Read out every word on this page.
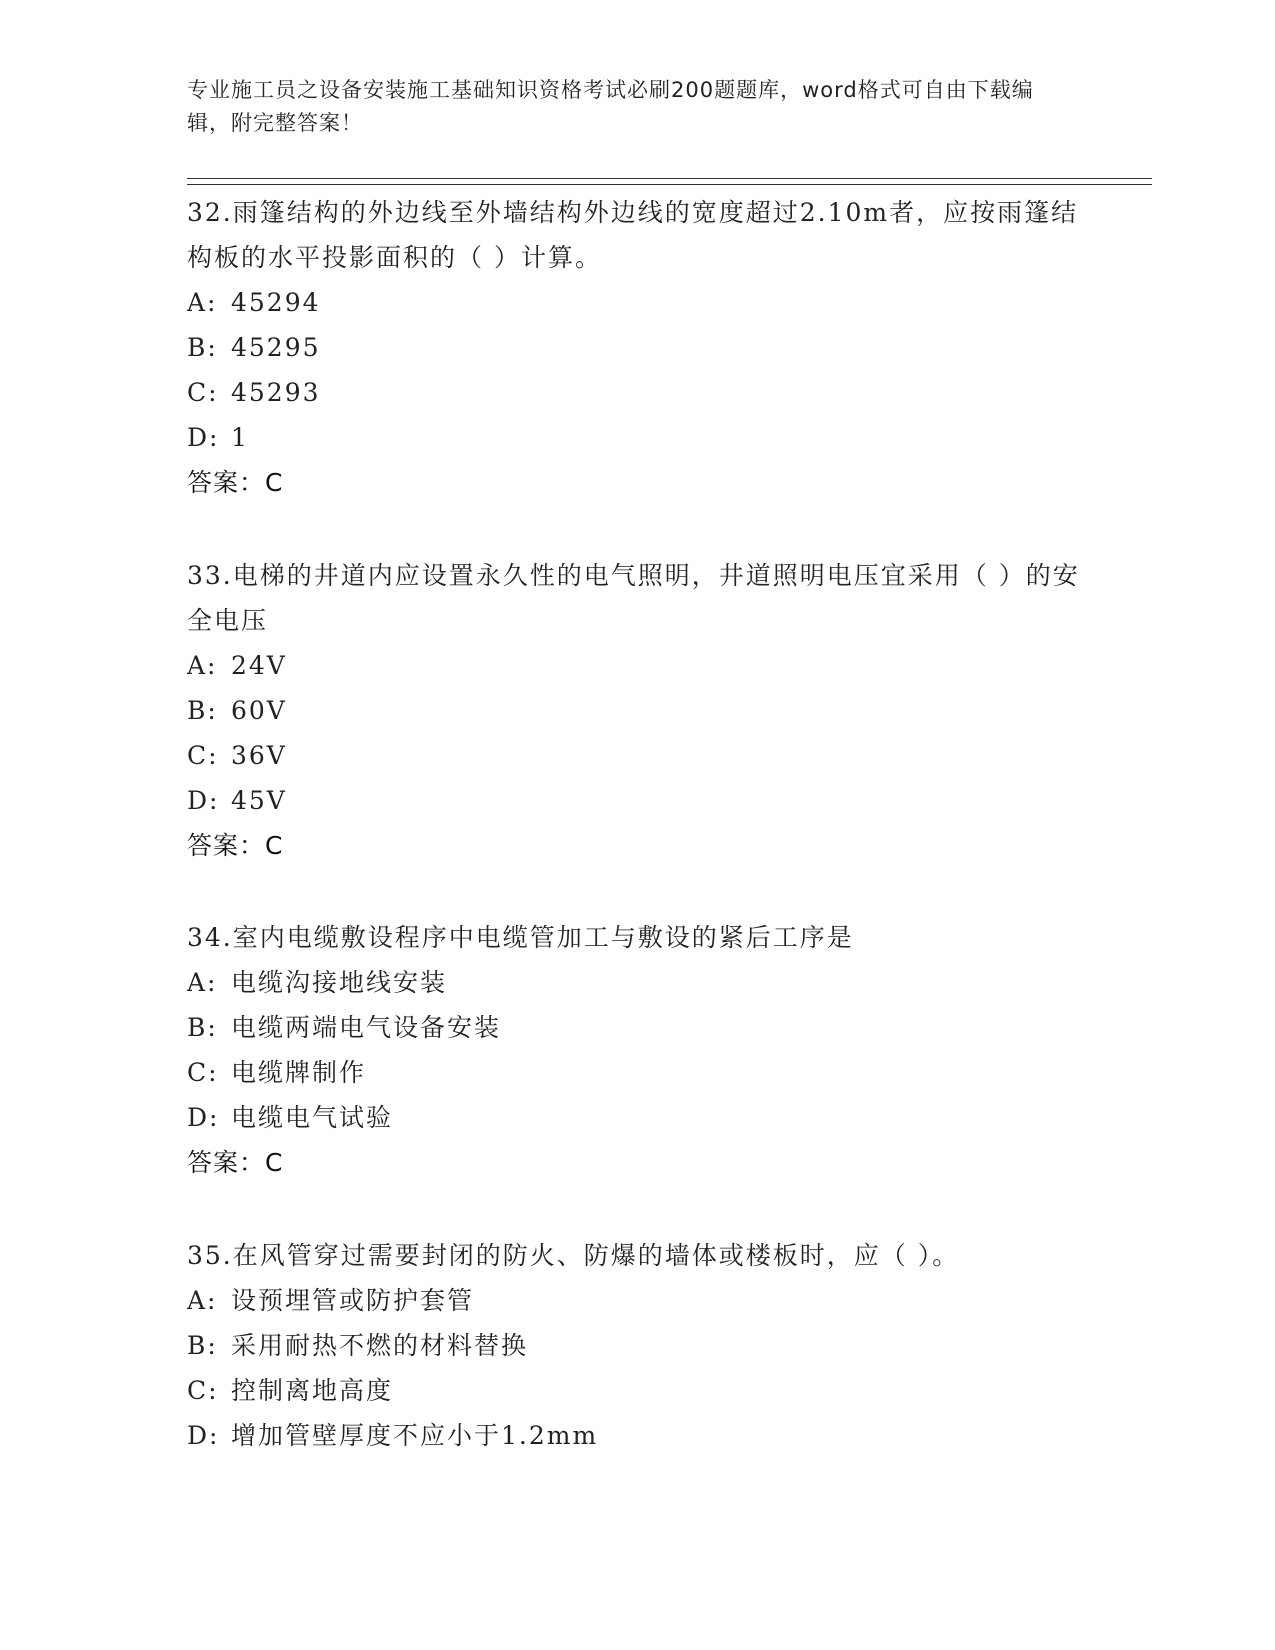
专业施工员之设备安装施工基础知识资格考试必刷200题题库，word格式可自由下载编辑，附完整答案！

32.雨篷结构的外边线至外墙结构外边线的宽度超过2.10m者，应按雨篷结构板的水平投影面积的（ ）计算。

A: 45294
B: 45295
C: 45293
D: 1
答案：C

33.电梯的井道内应设置永久性的电气照明，井道照明电压宜采用（ ）的安全电压

A: 24V
B: 60V
C: 36V
D: 45V
答案：C

34.室内电缆敷设程序中电缆管加工与敷设的紧后工序是

A: 电缆沟接地线安装
B: 电缆两端电气设备安装
C: 电缆牌制作
D: 电缆电气试验
答案：C

35.在风管穿过需要封闭的防火、防爆的墙体或楼板时，应（ ）。

A: 设预埋管或防护套管
B: 采用耐热不燃的材料替换
C: 控制离地高度
D: 增加管壁厚度不应小于1.2mm
